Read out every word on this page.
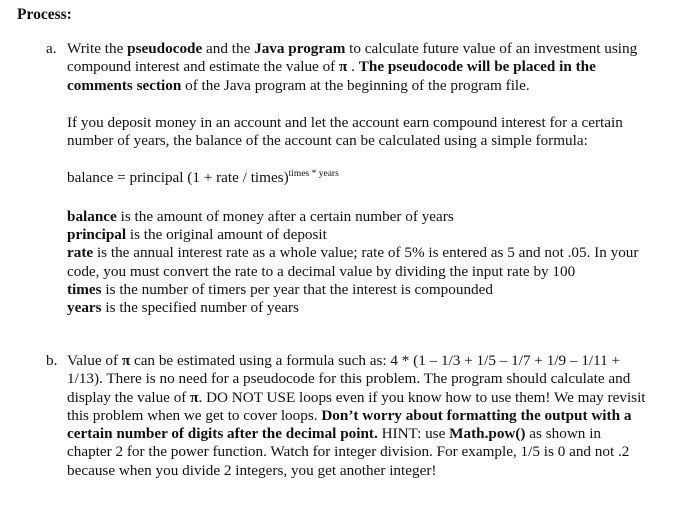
Process:
a. Write the pseudocode and the Java program to calculate future value of an investment using compound interest and estimate the value of π . The pseudocode will be placed in the comments section of the Java program at the beginning of the program file.

If you deposit money in an account and let the account earn compound interest for a certain number of years, the balance of the account can be calculated using a simple formula:

balance = principal (1 + rate / times)$^{times * years}$

balance is the amount of money after a certain number of years

principal is the original amount of deposit

rate is the annual interest rate as a whole value; rate of 5% is entered as 5 and not .05. In your code, you must convert the rate to a decimal value by dividing the input rate by 100

times is the number of timers per year that the interest is compounded

years is the specified number of years

b. Value of π can be estimated using a formula such as: 4 * (1 – 1/3 + 1/5 – 1/7 + 1/9 – 1/11 + 1/13). There is no need for a pseudocode for this problem. The program should calculate and display the value of π. DO NOT USE loops even if you know how to use them! We may revisit this problem when we get to cover loops. Don’t worry about formatting the output with a certain number of digits after the decimal point. HINT: use Math.pow() as shown in chapter 2 for the power function. Watch for integer division. For example, 1/5 is 0 and not .2 because when you divide 2 integers, you get another integer!
